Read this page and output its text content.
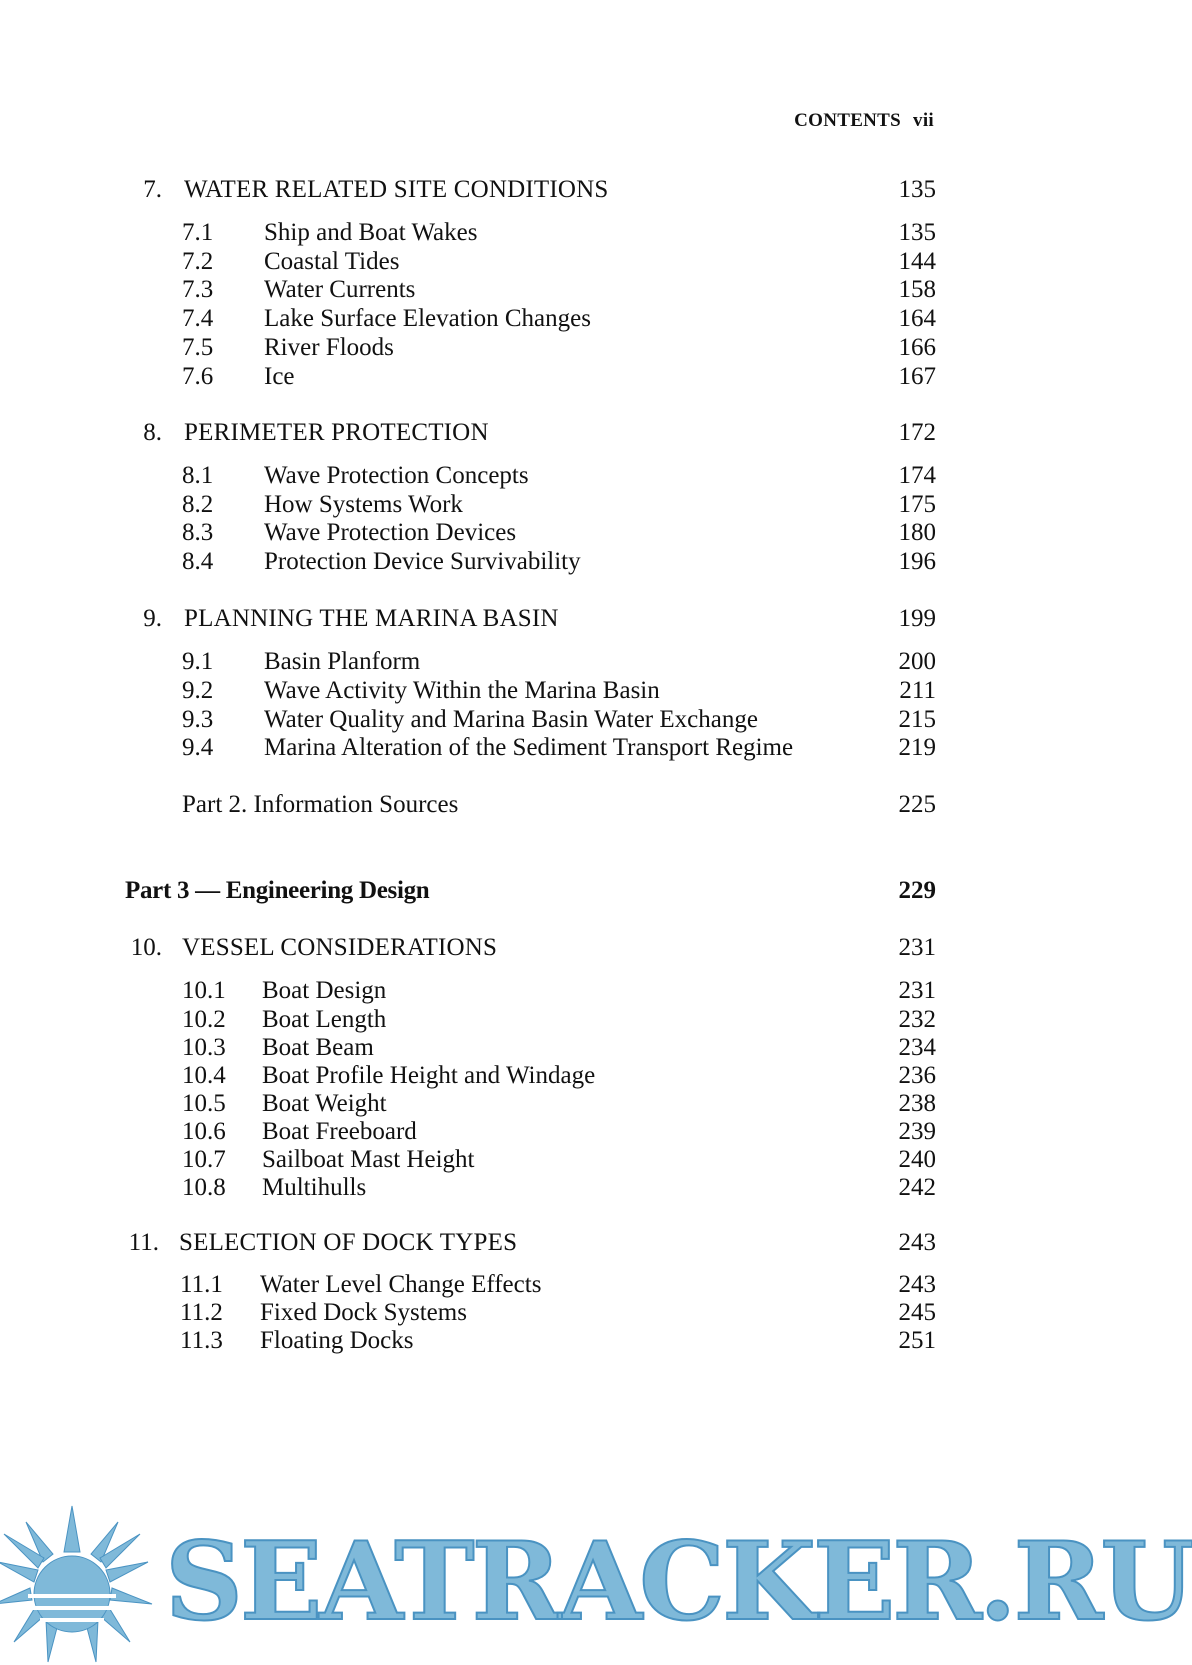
CONTENTS vii
7. WATER RELATED SITE CONDITIONS	135
7.1 Ship and Boat Wakes	135
7.2 Coastal Tides	144
7.3 Water Currents	158
7.4 Lake Surface Elevation Changes	164
7.5 River Floods	166
7.6 Ice	167
8. PERIMETER PROTECTION	172
8.1 Wave Protection Concepts	174
8.2 How Systems Work	175
8.3 Wave Protection Devices	180
8.4 Protection Device Survivability	196
9. PLANNING THE MARINA BASIN	199
9.1 Basin Planform	200
9.2 Wave Activity Within the Marina Basin	211
9.3 Water Quality and Marina Basin Water Exchange	215
9.4 Marina Alteration of the Sediment Transport Regime	219
Part 2. Information Sources	225
Part 3 — Engineering Design	229
10. VESSEL CONSIDERATIONS	231
10.1 Boat Design	231
10.2 Boat Length	232
10.3 Boat Beam	234
10.4 Boat Profile Height and Windage	236
10.5 Boat Weight	238
10.6 Boat Freeboard	239
10.7 Sailboat Mast Height	240
10.8 Multihulls	242
11. SELECTION OF DOCK TYPES	243
11.1 Water Level Change Effects	243
11.2 Fixed Dock Systems	245
11.3 Floating Docks	251
SEATRACKER.RU
